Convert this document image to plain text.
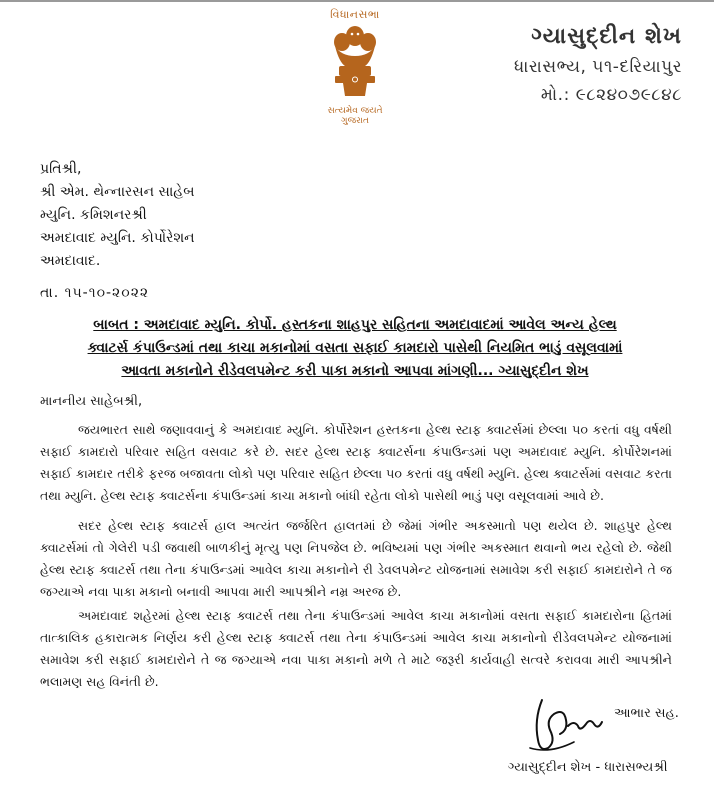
વિધાનસભા
સત્યમેવ જયતે
ગુજરાત
ગ્યાસુદ્દીન શેખ
ધારાસભ્ય, ૫૧-દરિયાપુર
મો.: ૯૮૨૪૦૭૯૮૪૮
પ્રતિશ્રી,
શ્રી એમ. થેન્નારસન સાહેબ
મ્યુનિ. કમિશનરશ્રી
અમદાવાદ મ્યુનિ. કોર્પોરેશન
અમદાવાદ.
તા. ૧૫-૧૦-૨૦૨૨
બાબત : અમદાવાદ મ્યુનિ. કોર્પો. હસ્તકના શાહપુર સહિતના અમદાવાદમાં આવેલ અન્ય હેલ્થ
ક્વાટર્સ કંપાઉન્ડમાં તથા કાચા મકાનોમાં વસતા સફાઈ કામદારો પાસેથી નિયમિત ભાડું વસૂલવામાં
આવતા મકાનોને રીડેવલપમેન્ટ કરી પાકા મકાનો આપવા માંગણી... ગ્યાસુદ્દીન શેખ
માનનીય સાહેબશ્રી,
જયભારત સાથે જણાવવાનું કે અમદાવાદ મ્યુનિ. કોર્પોરેશન હસ્તકના હેલ્થ સ્ટાફ ક્વાટર્સમાં છેલ્લા ૫૦ કરતાં વધુ વર્ષથી સફાઈ કામદારો પરિવાર સહિત વસવાટ કરે છે. સદર હેલ્થ સ્ટાફ ક્વાટર્સના કંપાઉન્ડમાં પણ અમદાવાદ મ્યુનિ. કોર્પોરેશનમાં સફાઈ કામદાર તરીકે ફરજ બજાવતા લોકો પણ પરિવાર સહિત છેલ્લા ૫૦ કરતાં વધુ વર્ષથી મ્યુનિ. હેલ્થ ક્વાટર્સમાં વસવાટ કરતા તથા મ્યુનિ. હેલ્થ સ્ટાફ ક્વાટર્સના કંપાઉન્ડમાં કાચા મકાનો બાંધી રહેતા લોકો પાસેથી ભાડું પણ વસૂલવામાં આવે છે.
સદર હેલ્થ સ્ટાફ ક્વાટર્સ હાલ અત્યંત જર્જરિત હાલતમાં છે જેમાં ગંભીર અકસ્માતો પણ થયેલ છે. શાહપુર હેલ્થ ક્વાટર્સમાં તો ગેલેરી પડી જવાથી બાળકીનું મૃત્યુ પણ નિપજેલ છે. ભવિષ્યમાં પણ ગંભીર અકસ્માત થવાનો ભય રહેલો છે. જેથી હેલ્થ સ્ટાફ ક્વાટર્સ તથા તેના કંપાઉન્ડમાં આવેલ કાચા મકાનોને રી ડેવલપમેન્ટ યોજનામાં સમાવેશ કરી સફાઈ કામદારોને તે જ જગ્યાએ નવા પાકા મકાનો બનાવી આપવા મારી આપશ્રીને નમ્ર અરજ છે.
અમદાવાદ શહેરમાં હેલ્થ સ્ટાફ ક્વાટર્સ તથા તેના કંપાઉન્ડમાં આવેલ કાચા મકાનોમાં વસતા સફાઈ કામદારોના હિતમાં તાત્કાલિક હકારાત્મક નિર્ણય કરી હેલ્થ સ્ટાફ ક્વાટર્સ તથા તેના કંપાઉન્ડમાં આવેલ કાચા મકાનોનો રીડેવલપમેન્ટ યોજનામાં સમાવેશ કરી સફાઈ કામદારોને તે જ જગ્યાએ નવા પાકા મકાનો મળે તે માટે જરૂરી કાર્યવાહી સત્વરે કરાવવા મારી આપશ્રીને ભલામણ સહ વિનંતી છે.
આભાર સહ.
ગ્યાસુદ્દીન શેખ - ધારાસભ્યશ્રી
